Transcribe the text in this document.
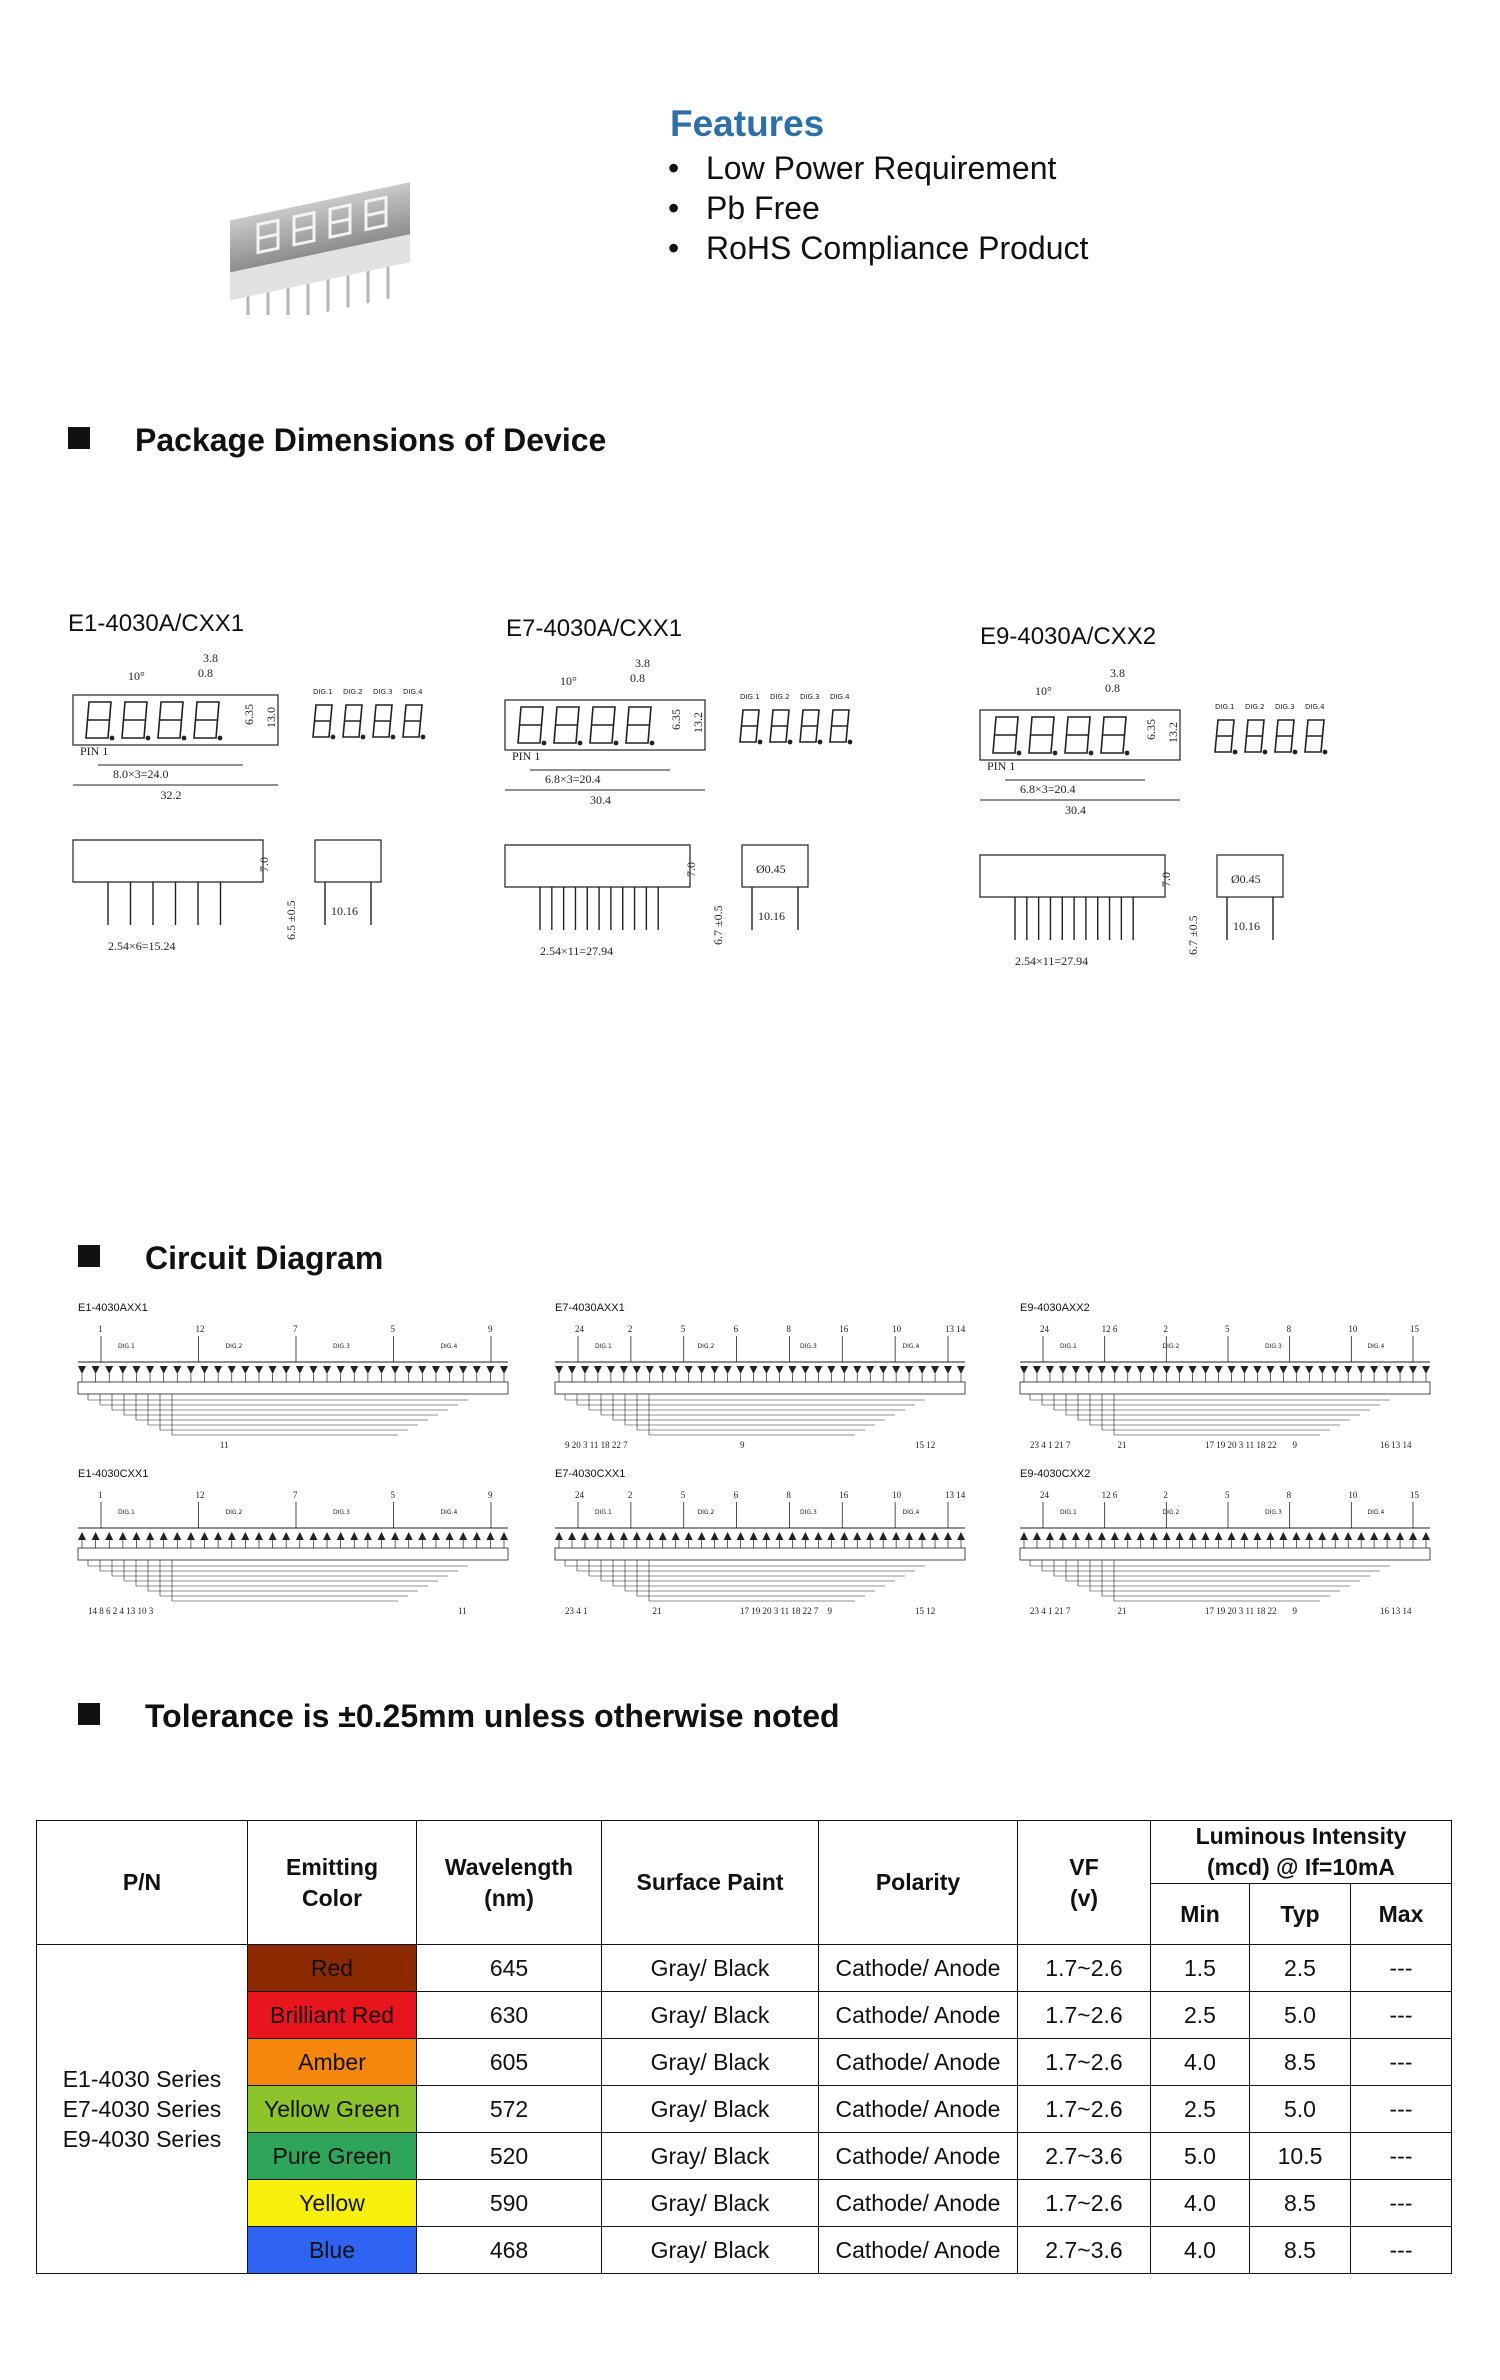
Features
• Low Power Requirement
• Pb Free
• RoHS Compliance Product
Package Dimensions of Device
Circuit Diagram
Tolerance is ±0.25mm unless otherwise noted
E1-4030A/CXX1	E7-4030A/CXX1	E9-4030A/CXX2
DIG.1 DIG.2 DIG.3 DIG.4
10°
3.8
0.8
6.35 13.0
PIN 1
8.0×3=24.0
32.2
7.0
6.5 ±0.5
2.54×6=15.24
10.16
DIG.1 DIG.2 DIG.3 DIG.4
10°
3.8
0.8
6.35 13.2
PIN 1
6.8×3=20.4
30.4
7.0
6.7 ±0.5
2.54×11=27.94
Ø0.45
10.16
DIG.1 DIG.2 DIG.3 DIG.4
10°
3.8
0.8
6.35 13.2
PIN 1
6.8×3=20.4
30.4
7.0
6.7 ±0.5
2.54×11=27.94
Ø0.45
10.16
E1-4030AXX1
1	12	7	5	9
DIG.1	DIG.2	DIG.3	DIG.4
11
E7-4030AXX1
24	2	5	6	8	16	10	13 14
DIG.1	DIG.2	DIG.3	DIG.4
9 20 3 11 18 22 7	9	15 12
E9-4030AXX2
24	12 6	2	5	8	10	15
DIG.1	DIG.2	DIG.3	DIG.4
23 4 1 21 7	21	17 19 20 3 11 18 22 9	16 13 14
E1-4030CXX1
1	12	7	5	9
DIG.1	DIG.2	DIG.3	DIG.4
14 8 6 2 4 13 10 3	11
E7-4030CXX1
24	2	5	6	8	16	10	13 14
DIG.1	DIG.2	DIG.3	DIG.4
23 4 1	21	17 19 20 3 11 18 22 7 9	15 12
E9-4030CXX2
24	12 6	2	5	8	10	15
DIG.1	DIG.2	DIG.3	DIG.4
23 4 1 21 7	21	17 19 20 3 11 18 22 9	16 13 14
P/N	Emitting
Color	Wavelength
(nm)	Surface Paint	Polarity	VF
(v)	Luminous Intensity
(mcd) @ If=10mA		
						Min	Typ	Max

E1-4030 Series
E7-4030 Series
E9-4030 Series	Red	645	Gray/ Black	Cathode/ Anode	1.7~2.6	1.5	2.5	---
	Brilliant Red	630	Gray/ Black	Cathode/ Anode	1.7~2.6	2.5	5.0	---
	Amber	605	Gray/ Black	Cathode/ Anode	1.7~2.6	4.0	8.5	---
	Yellow Green	572	Gray/ Black	Cathode/ Anode	1.7~2.6	2.5	5.0	---
	Pure Green	520	Gray/ Black	Cathode/ Anode	2.7~3.6	5.0	10.5	---
	Yellow	590	Gray/ Black	Cathode/ Anode	1.7~2.6	4.0	8.5	---
	Blue	468	Gray/ Black	Cathode/ Anode	2.7~3.6	4.0	8.5	---
